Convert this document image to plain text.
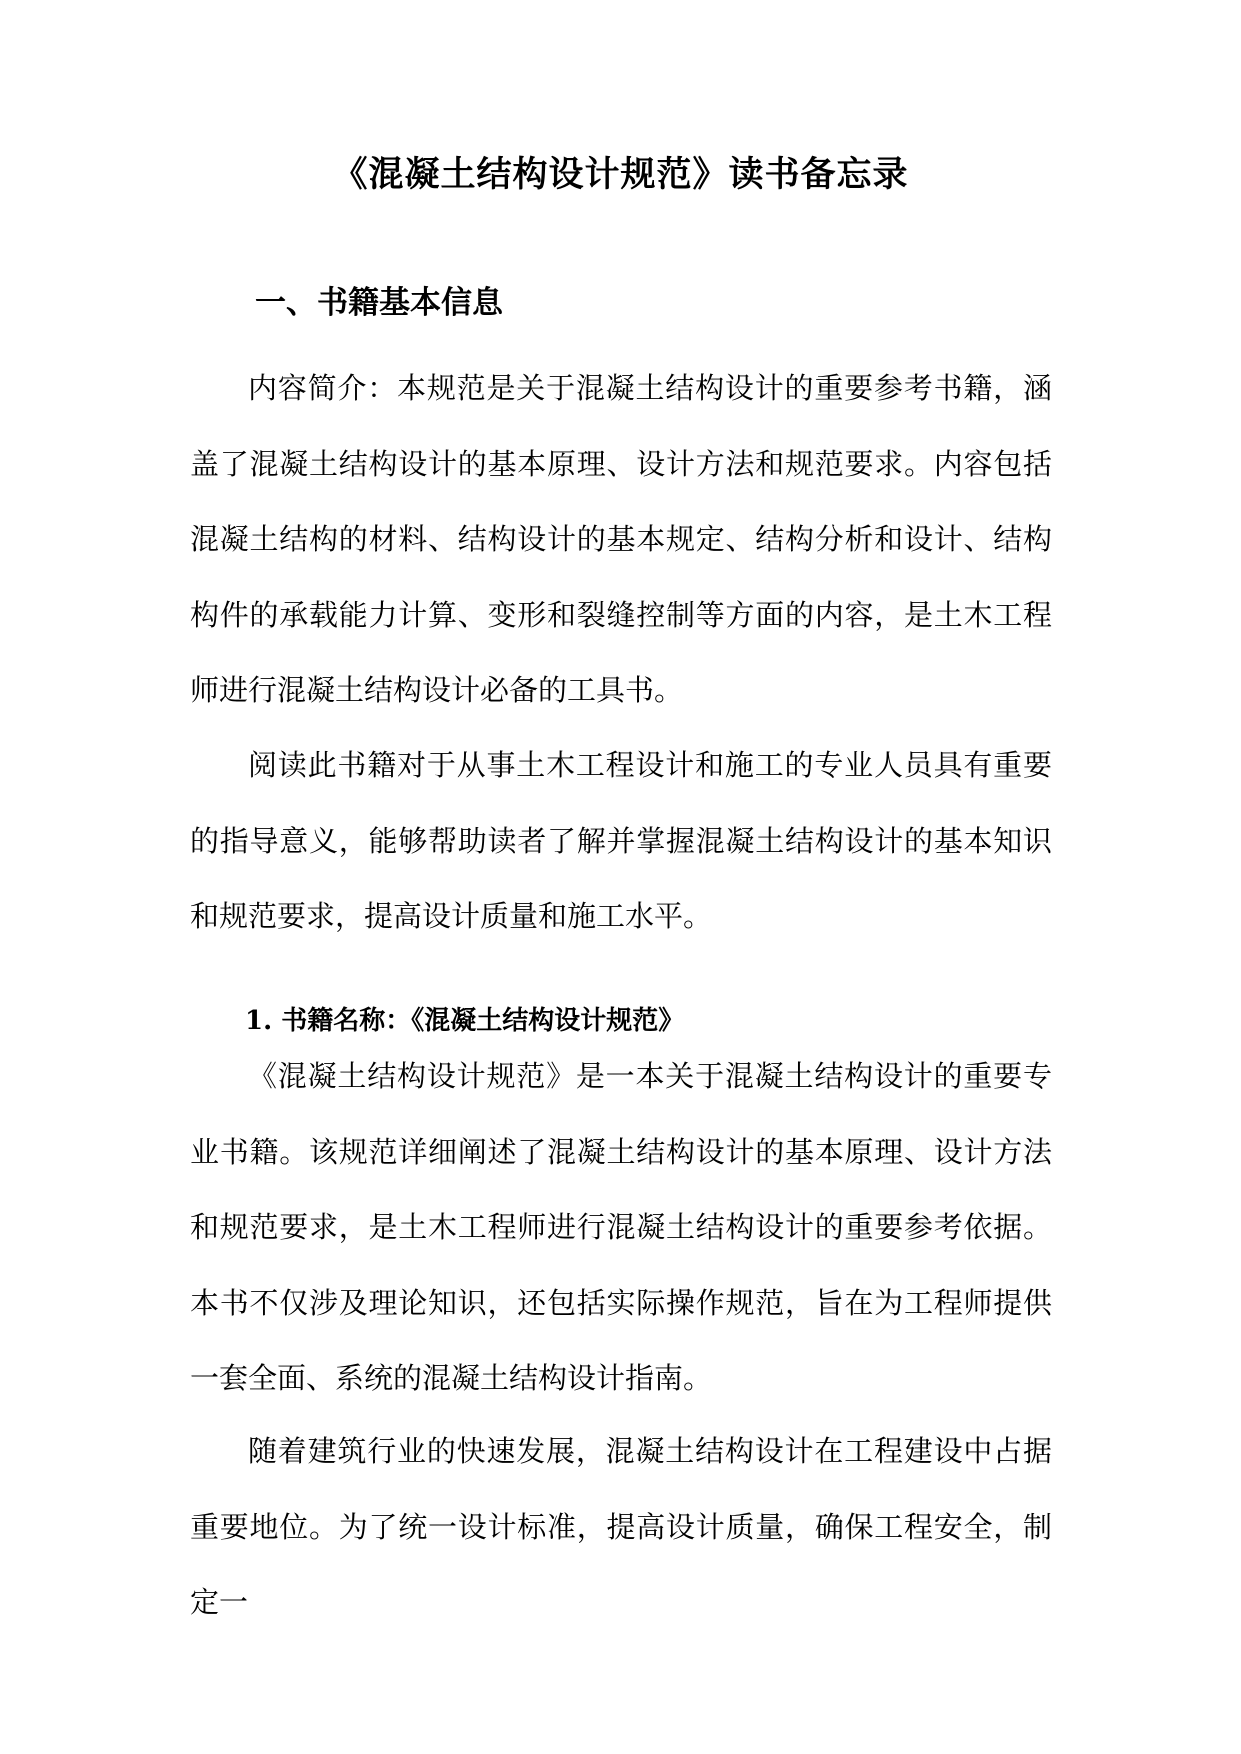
《混凝土结构设计规范》读书备忘录
一、书籍基本信息

内容简介：本规范是关于混凝土结构设计的重要参考书籍，涵盖了混凝土结构设计的基本原理、设计方法和规范要求。内容包括混凝土结构的材料、结构设计的基本规定、结构分析和设计、结构构件的承载能力计算、变形和裂缝控制等方面的内容，是土木工程师进行混凝土结构设计必备的工具书。

阅读此书籍对于从事土木工程设计和施工的专业人员具有重要的指导意义，能够帮助读者了解并掌握混凝土结构设计的基本知识和规范要求，提高设计质量和施工水平。

1. 书籍名称：《混凝土结构设计规范》

《混凝土结构设计规范》是一本关于混凝土结构设计的重要专业书籍。该规范详细阐述了混凝土结构设计的基本原理、设计方法和规范要求，是土木工程师进行混凝土结构设计的重要参考依据。本书不仅涉及理论知识，还包括实际操作规范，旨在为工程师提供一套全面、系统的混凝土结构设计指南。

随着建筑行业的快速发展，混凝土结构设计在工程建设中占据重要地位。为了统一设计标准，提高设计质量，确保工程安全，制定一
